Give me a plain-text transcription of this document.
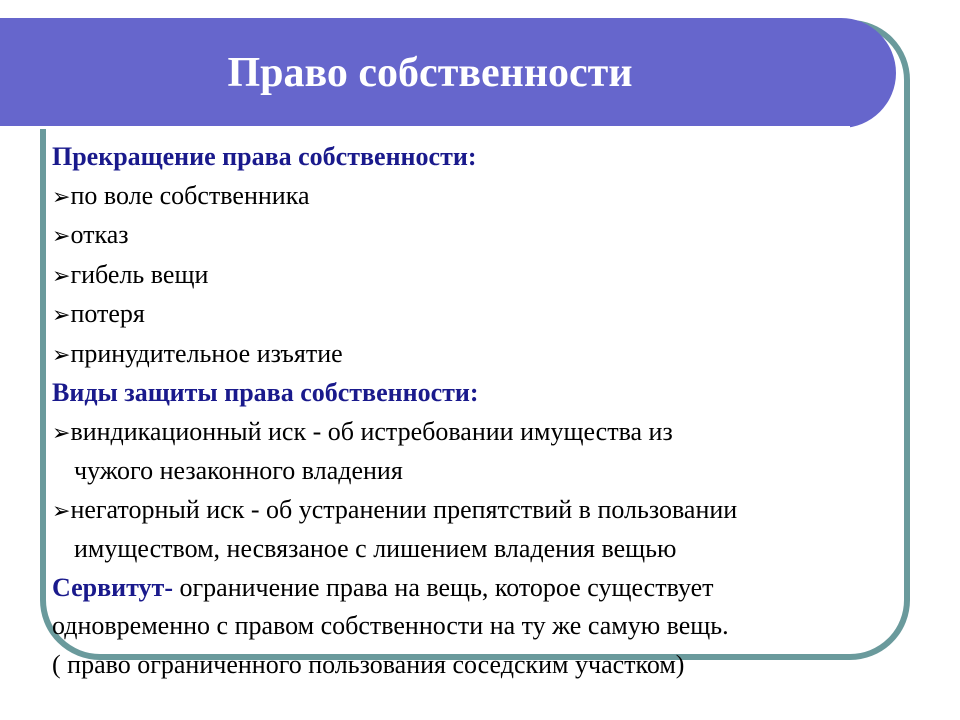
Право собственности
Прекращение права собственности:
➢ по воле собственника
➢ отказ
➢ гибель вещи
➢ потеря
➢ принудительное изъятие
Виды защиты права собственности:
➢ виндикационный иск - об истребовании имущества из
чужого незаконного владения
➢ негаторный иск - об устранении препятствий в пользовании
имуществом, несвязаное с лишением владения вещью
Сервитут- ограничение права на вещь, которое существует
одновременно с правом собственности на ту же самую вещь.
( право ограниченного пользования соседским участком)
